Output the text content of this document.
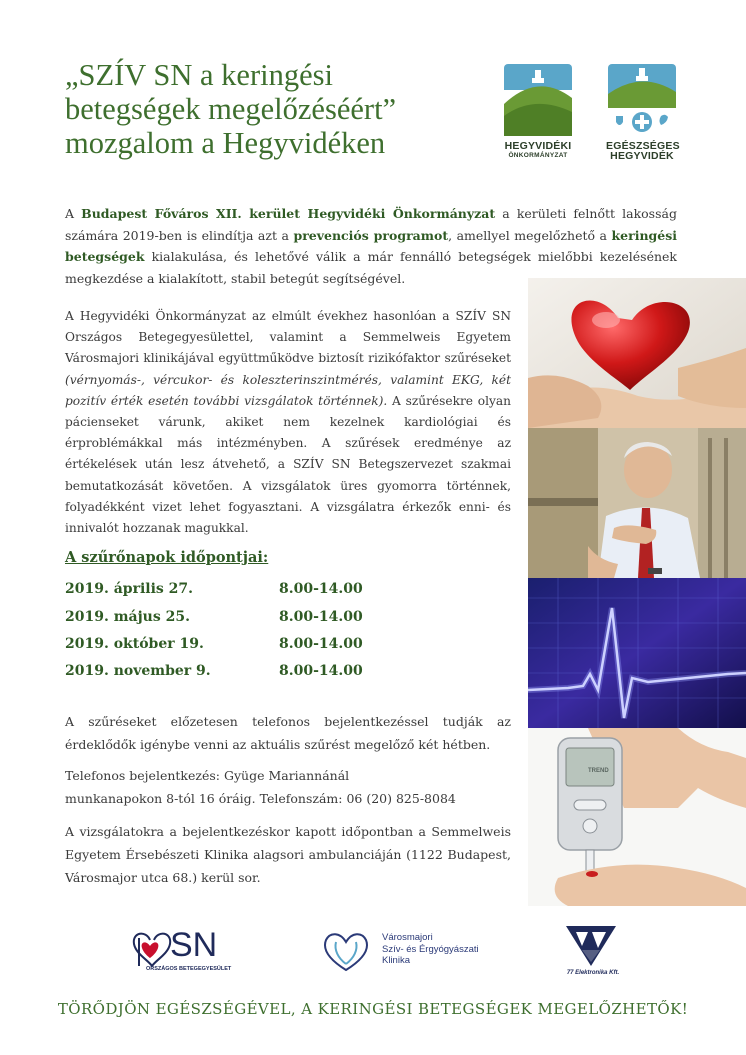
„SZÍV SN a keringési
betegségek megelőzéséért”
mozgalom a Hegyvidéken	HEGYVIDÉKI
ÖNKORMÁNYZAT
EGÉSZSÉGES
HEGYVIDÉK
A Budapest Főváros XII. kerület Hegyvidéki Önkormányzat a kerületi felnőtt lakosság számára 2019-ben is elindítja azt a prevenciós programot, amellyel megelőzhető a keringési betegségek kialakulása, és lehetővé válik a már fennálló betegségek mielőbbi kezelésének megkezdése a kialakított, stabil betegút segítségével.
A Hegyvidéki Önkormányzat az elmúlt évekhez hasonlóan a SZÍV SN Országos Betegegyesülettel, valamint a Semmelweis Egyetem Városmajori klinikájával együttműködve biztosít rizikófaktor szűréseket (vérnyomás-, vércukor- és koleszterinszintmérés, valamint EKG, két pozitív érték esetén további vizsgálatok történnek). A szűrésekre olyan pácienseket várunk, akiket nem kezelnek kardiológiai és érproblémákkal más intézményben. A szűrések eredménye az értékelések után lesz átvehető, a SZÍV SN Betegszervezet szakmai bemutatkozását követően. A vizsgálatok üres gyomorra történnek, folyadékként vizet lehet fogyasztani. A vizsgálatra érkezők enni- és innivalót hozzanak magukkal.
A szűrőnapok időpontjai:
2019. április 27.	8.00-14.00
2019. május 25.	8.00-14.00
2019. október 19.	8.00-14.00
2019. november 9.	8.00-14.00
A szűréseket előzetesen telefonos bejelentkezéssel tudják az érdeklődők igénybe venni az aktuális szűrést megelőző két hétben.
Telefonos bejelentkezés: Gyüge Mariannánál
munkanapokon 8-tól 16 óráig. Telefonszám: 06 (20) 825-8084
A vizsgálatokra a bejelentkezéskor kapott időpontban a Semmelweis Egyetem Érsebészeti Klinika alagsori ambulanciáján (1122 Budapest, Városmajor utca 68.) kerül sor.
TREND
SN
ORSZÁGOS BETEGEGYESÜLET
Városmajori
Szív- és Érgyógyászati
Klinika
77 Elektronika Kft.
TÖRŐDJÖN EGÉSZSÉGÉVEL, A KERINGÉSI BETEGSÉGEK MEGELŐZHETŐK!
